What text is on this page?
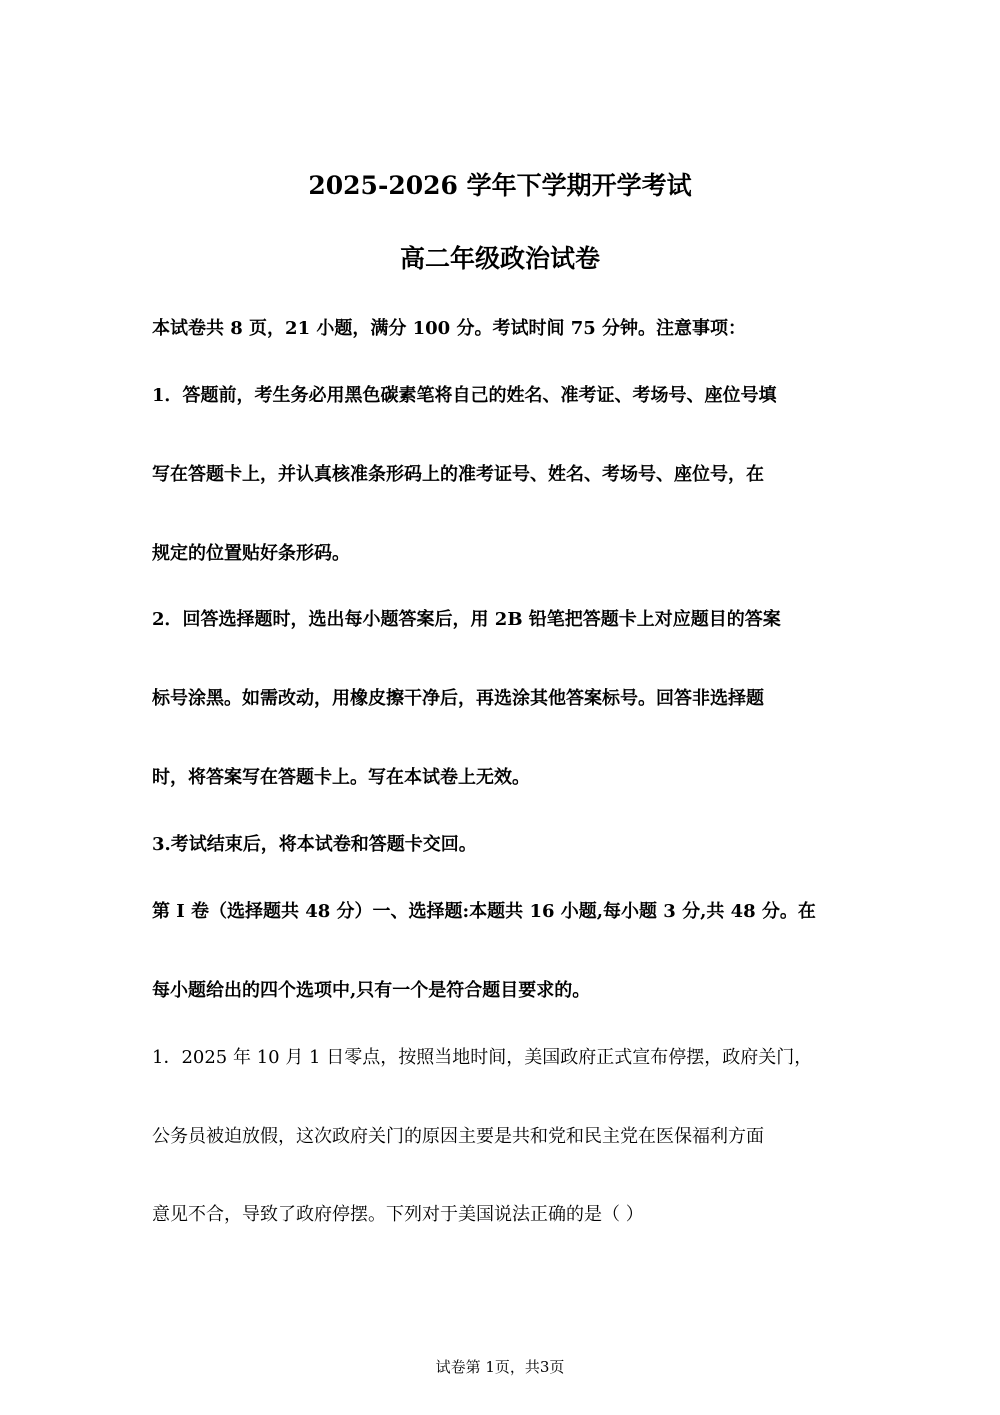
2025-2026 学年下学期开学考试
高二年级政治试卷
本试卷共 8 页，21 小题，满分 100 分。考试时间 75 分钟。注意事项：
1．答题前，考生务必用黑色碳素笔将自己的姓名、准考证、考场号、座位号填
写在答题卡上，并认真核准条形码上的准考证号、姓名、考场号、座位号，在
规定的位置贴好条形码。
2．回答选择题时，选出每小题答案后，用 2B 铅笔把答题卡上对应题目的答案
标号涂黑。如需改动，用橡皮擦干净后，再选涂其他答案标号。回答非选择题
时，将答案写在答题卡上。写在本试卷上无效。
3.考试结束后，将本试卷和答题卡交回。
第 I 卷（选择题共 48 分）一、选择题:本题共 16 小题,每小题 3 分,共 48 分。在
每小题给出的四个选项中,只有一个是符合题目要求的。
1．2025 年 10 月 1 日零点，按照当地时间，美国政府正式宣布停摆，政府关门，
公务员被迫放假，这次政府关门的原因主要是共和党和民主党在医保福利方面
意见不合，导致了政府停摆。下列对于美国说法正确的是（ ）
试卷第 1页，共3页
